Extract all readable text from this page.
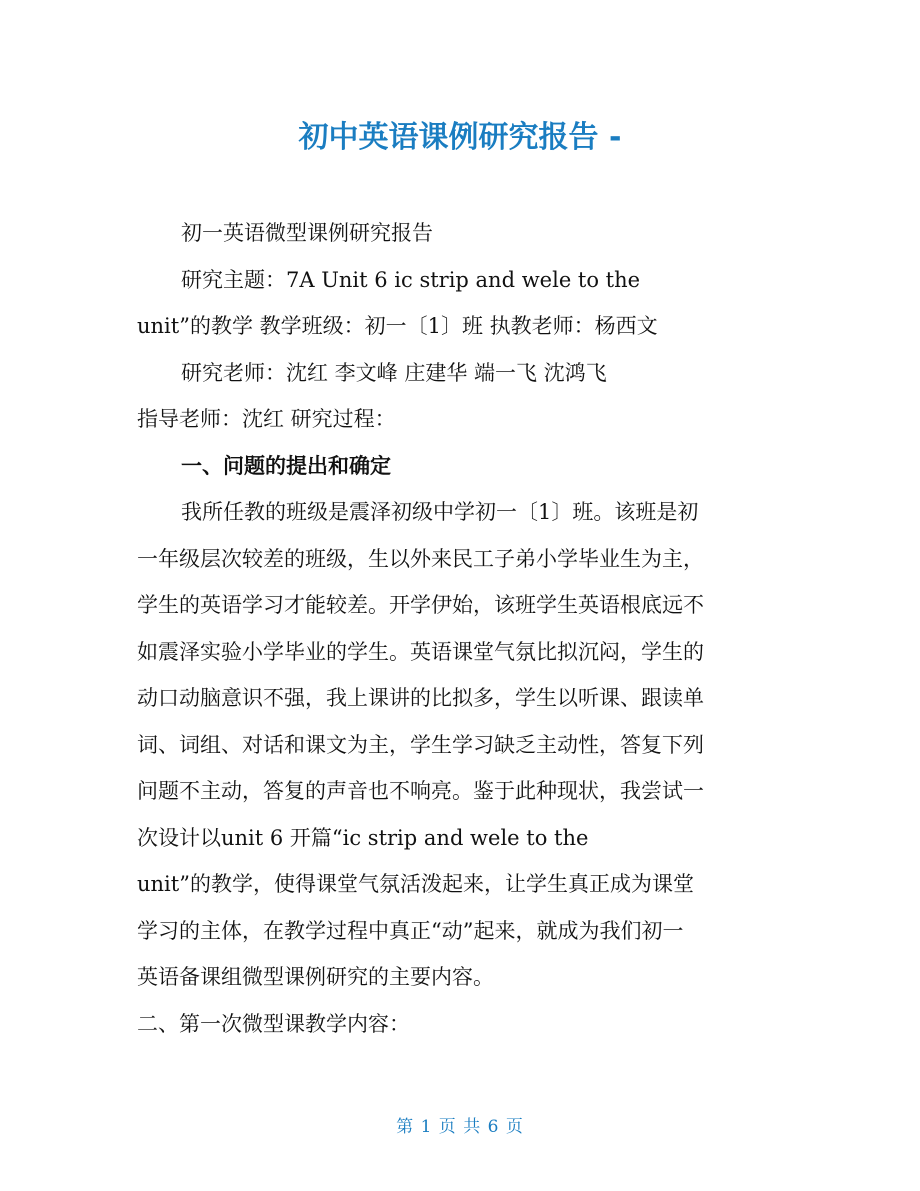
初中英语课例研究报告 -

初一英语微型课例研究报告

研究主题：7A Unit 6 ic strip and wele to the

unit”的教学 教学班级：初一〔1〕班 执教老师：杨西文

研究老师：沈红 李文峰 庄建华 端一飞 沈鸿飞

指导老师：沈红 研究过程：

一、问题的提出和确定

我所任教的班级是震泽初级中学初一〔1〕班。该班是初

一年级层次较差的班级，生以外来民工子弟小学毕业生为主，

学生的英语学习才能较差。开学伊始，该班学生英语根底远不

如震泽实验小学毕业的学生。英语课堂气氛比拟沉闷，学生的

动口动脑意识不强，我上课讲的比拟多，学生以听课、跟读单

词、词组、对话和课文为主，学生学习缺乏主动性，答复下列

问题不主动，答复的声音也不响亮。鉴于此种现状，我尝试一

次设计以unit 6 开篇“ic strip and wele to the

unit”的教学，使得课堂气氛活泼起来，让学生真正成为课堂

学习的主体，在教学过程中真正“动”起来，就成为我们初一

英语备课组微型课例研究的主要内容。

二、第一次微型课教学内容：

第 1 页 共 6 页
